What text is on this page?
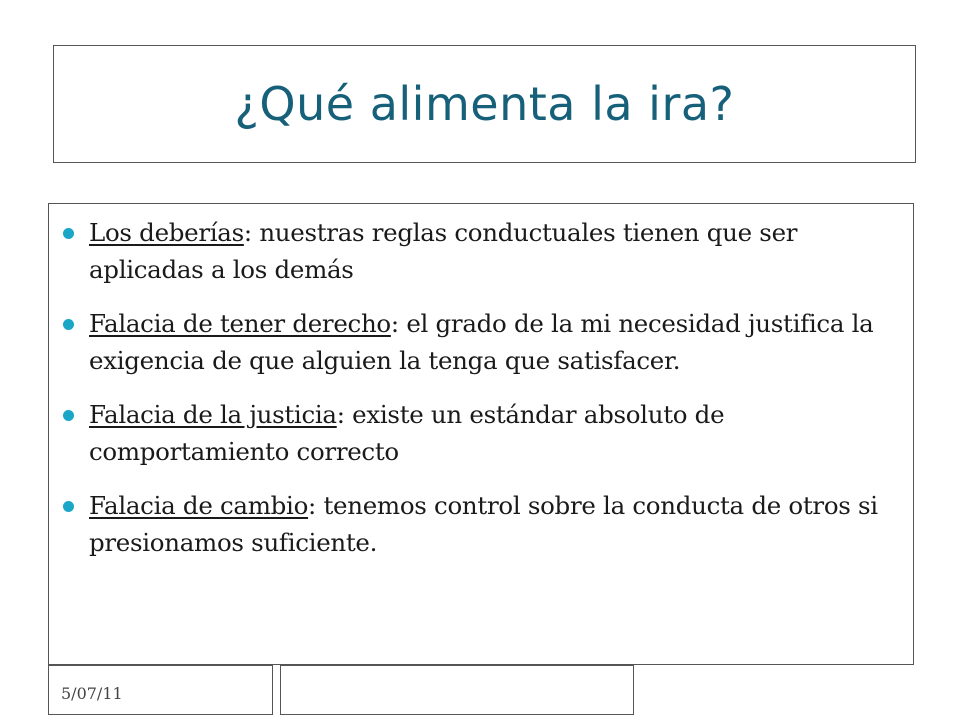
¿Qué alimenta la ira?
Los deberías: nuestras reglas conductuales tienen que ser aplicadas a los demás
Falacia de tener derecho: el grado de la mi necesidad justifica la exigencia de que alguien la tenga que satisfacer.
Falacia de la justicia: existe un estándar absoluto de comportamiento correcto
Falacia de cambio: tenemos control sobre la conducta de otros si presionamos suficiente.
5/07/11
